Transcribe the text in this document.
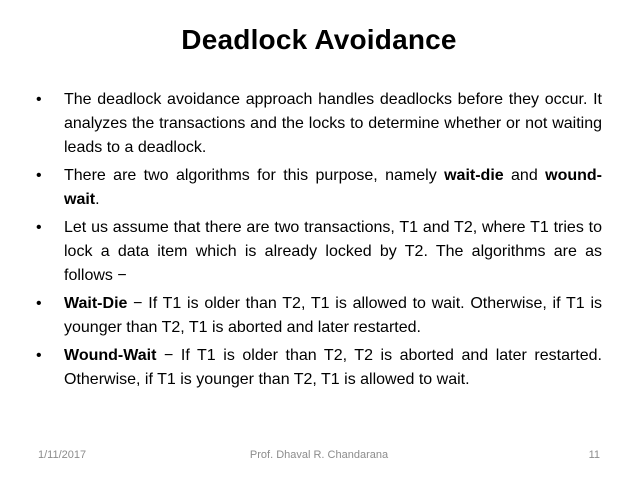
Deadlock Avoidance
• The deadlock avoidance approach handles deadlocks before they occur. It analyzes the transactions and the locks to determine whether or not waiting leads to a deadlock.
• There are two algorithms for this purpose, namely wait-die and wound-wait.
• Let us assume that there are two transactions, T1 and T2, where T1 tries to lock a data item which is already locked by T2. The algorithms are as follows −
• Wait-Die − If T1 is older than T2, T1 is allowed to wait. Otherwise, if T1 is younger than T2, T1 is aborted and later restarted.
• Wound-Wait − If T1 is older than T2, T2 is aborted and later restarted. Otherwise, if T1 is younger than T2, T1 is allowed to wait.
1/11/2017	Prof. Dhaval R. Chandarana	11
